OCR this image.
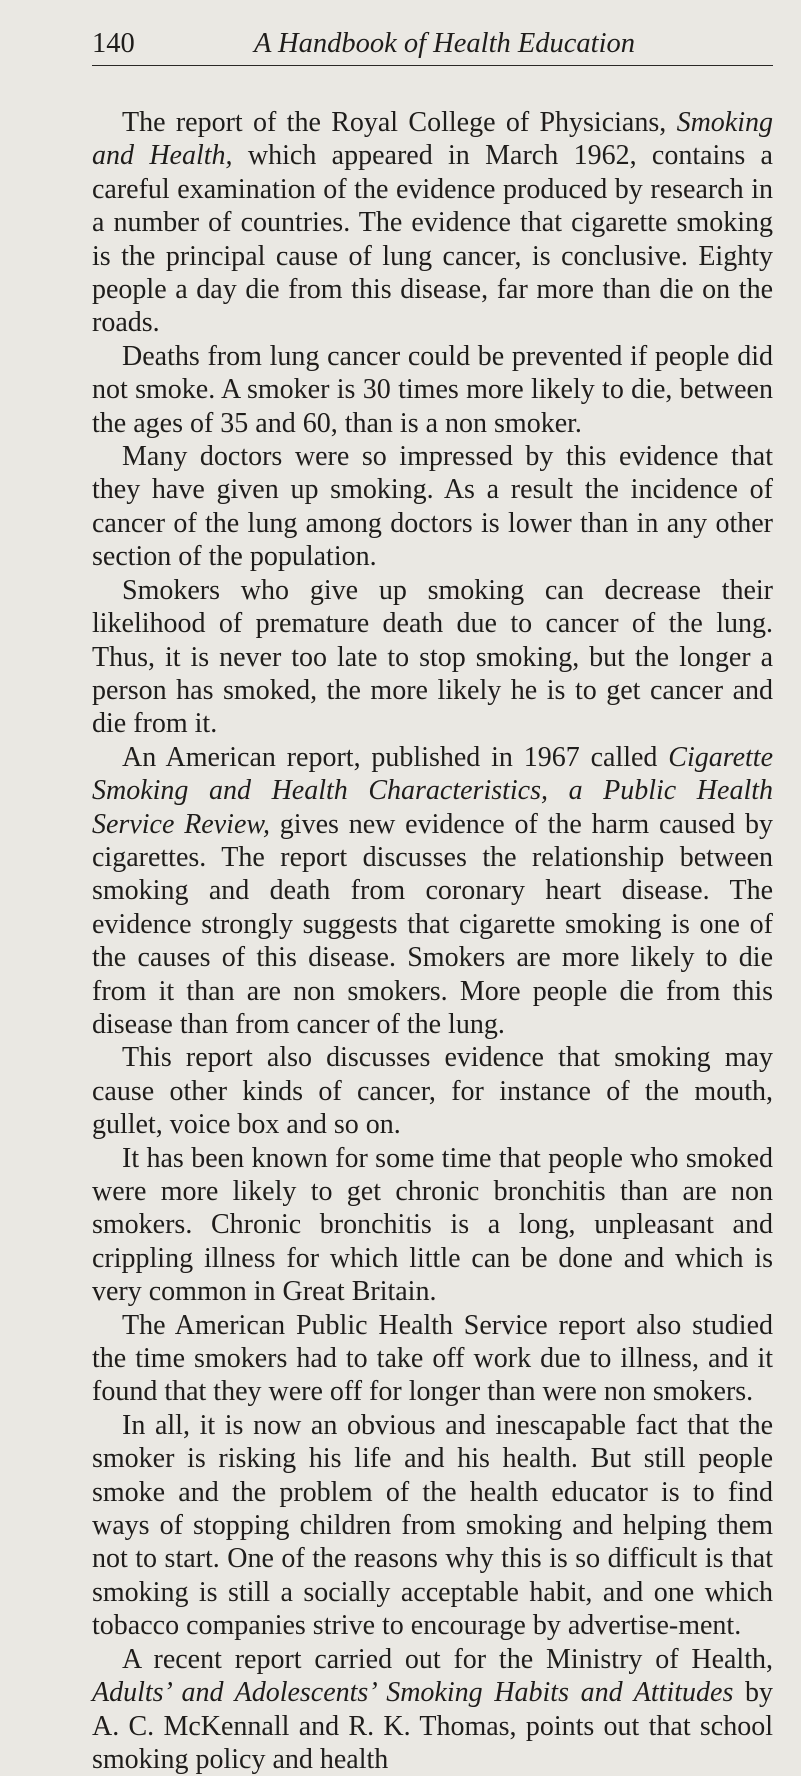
140	A Handbook of Health Education

The report of the Royal College of Physicians, Smoking and Health, which appeared in March 1962, contains a careful examination of the evidence produced by research in a number of countries. The evidence that cigarette smoking is the principal cause of lung cancer, is conclusive. Eighty people a day die from this disease, far more than die on the roads.

Deaths from lung cancer could be prevented if people did not smoke. A smoker is 30 times more likely to die, between the ages of 35 and 60, than is a non smoker.

Many doctors were so impressed by this evidence that they have given up smoking. As a result the incidence of cancer of the lung among doctors is lower than in any other section of the population.

Smokers who give up smoking can decrease their likelihood of premature death due to cancer of the lung. Thus, it is never too late to stop smoking, but the longer a person has smoked, the more likely he is to get cancer and die from it.

An American report, published in 1967 called Cigarette Smoking and Health Characteristics, a Public Health Service Review, gives new evidence of the harm caused by cigarettes. The report discusses the relationship between smoking and death from coronary heart disease. The evidence strongly suggests that cigarette smoking is one of the causes of this disease. Smokers are more likely to die from it than are non smokers. More people die from this disease than from cancer of the lung.

This report also discusses evidence that smoking may cause other kinds of cancer, for instance of the mouth, gullet, voice box and so on.

It has been known for some time that people who smoked were more likely to get chronic bronchitis than are non smokers. Chronic bronchitis is a long, unpleasant and crippling illness for which little can be done and which is very common in Great Britain.

The American Public Health Service report also studied the time smokers had to take off work due to illness, and it found that they were off for longer than were non smokers.

In all, it is now an obvious and inescapable fact that the smoker is risking his life and his health. But still people smoke and the problem of the health educator is to find ways of stopping children from smoking and helping them not to start. One of the reasons why this is so difficult is that smoking is still a socially acceptable habit, and one which tobacco companies strive to encourage by advertise-ment.

A recent report carried out for the Ministry of Health, Adults’ and Adolescents’ Smoking Habits and Attitudes by A. C. McKennall and R. K. Thomas, points out that school smoking policy and health
